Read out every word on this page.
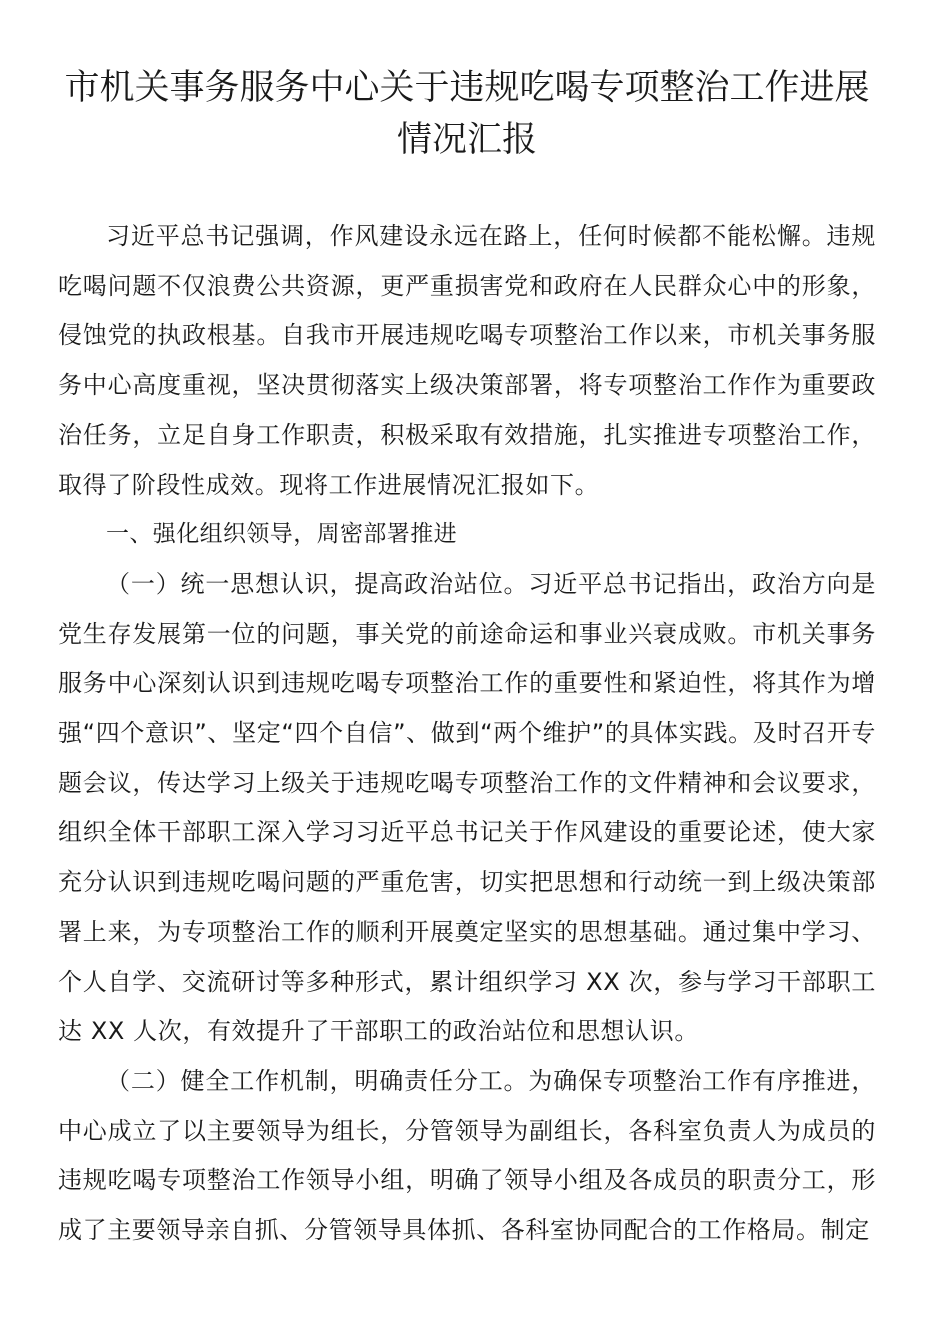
市机关事务服务中心关于违规吃喝专项整治工作进展
情况汇报

习近平总书记强调，作风建设永远在路上，任何时候都不能松懈。违规吃喝问题不仅浪费公共资源，更严重损害党和政府在人民群众心中的形象，侵蚀党的执政根基。自我市开展违规吃喝专项整治工作以来，市机关事务服务中心高度重视，坚决贯彻落实上级决策部署，将专项整治工作作为重要政治任务，立足自身工作职责，积极采取有效措施，扎实推进专项整治工作，取得了阶段性成效。现将工作进展情况汇报如下。

一、强化组织领导，周密部署推进

（一）统一思想认识，提高政治站位。习近平总书记指出，政治方向是党生存发展第一位的问题，事关党的前途命运和事业兴衰成败。市机关事务服务中心深刻认识到违规吃喝专项整治工作的重要性和紧迫性，将其作为增强“四个意识”、坚定“四个自信”、做到“两个维护”的具体实践。及时召开专题会议，传达学习上级关于违规吃喝专项整治工作的文件精神和会议要求，组织全体干部职工深入学习习近平总书记关于作风建设的重要论述，使大家充分认识到违规吃喝问题的严重危害，切实把思想和行动统一到上级决策部署上来，为专项整治工作的顺利开展奠定坚实的思想基础。通过集中学习、个人自学、交流研讨等多种形式，累计组织学习 XX 次，参与学习干部职工达 XX 人次，有效提升了干部职工的政治站位和思想认识。

（二）健全工作机制，明确责任分工。为确保专项整治工作有序推进，中心成立了以主要领导为组长，分管领导为副组长，各科室负责人为成员的违规吃喝专项整治工作领导小组，明确了领导小组及各成员的职责分工，形成了主要领导亲自抓、分管领导具体抓、各科室协同配合的工作格局。制定
